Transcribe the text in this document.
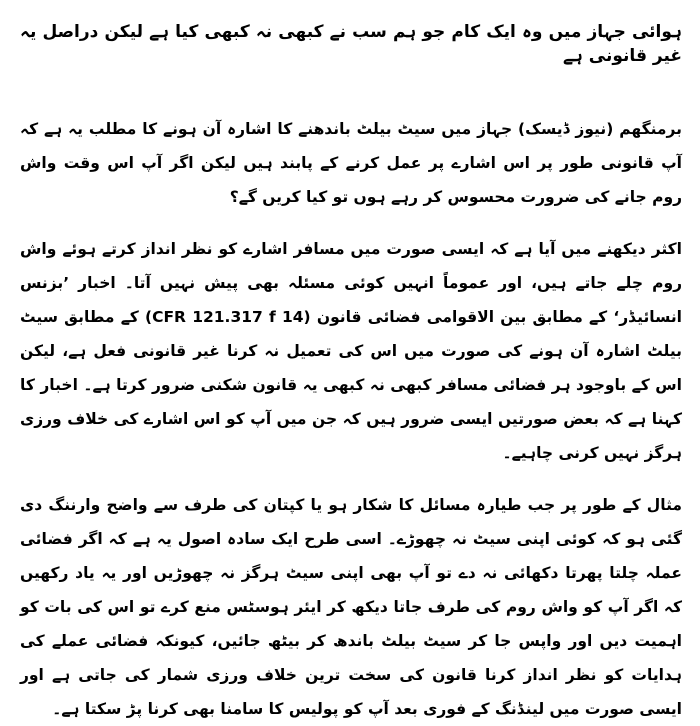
ہوائی جہاز میں وہ ایک کام جو ہم سب نے کبھی نہ کبھی کیا ہے لیکن دراصل یہ غیر قانونی ہے

برمنگھم (نیوز ڈیسک) جہاز میں سیٹ بیلٹ باندھنے کا اشارہ آن ہونے کا مطلب یہ ہے کہ آپ قانونی طور پر اس اشارے پر عمل کرنے کے پابند ہیں لیکن اگر آپ اس وقت واش روم جانے کی ضرورت محسوس کر رہے ہوں تو کیا کریں گے؟

اکثر دیکھنے میں آیا ہے کہ ایسی صورت میں مسافر اشارے کو نظر انداز کرتے ہوئے واش روم چلے جاتے ہیں، اور عموماً انہیں کوئی مسئلہ بھی پیش نہیں آتا۔ اخبار ’بزنس انسائیڈر‘ کے مطابق بین الاقوامی فضائی قانون (14 CFR 121.317 f) کے مطابق سیٹ بیلٹ اشارہ آن ہونے کی صورت میں اس کی تعمیل نہ کرنا غیر قانونی فعل ہے، لیکن اس کے باوجود ہر فضائی مسافر کبھی نہ کبھی یہ قانون شکنی ضرور کرتا ہے۔ اخبار کا کہنا ہے کہ بعض صورتیں ایسی ضرور ہیں کہ جن میں آپ کو اس اشارے کی خلاف ورزی ہرگز نہیں کرنی چاہیے۔

مثال کے طور پر جب طیارہ مسائل کا شکار ہو یا کپتان کی طرف سے واضح وارننگ دی گئی ہو کہ کوئی اپنی سیٹ نہ چھوڑے۔ اسی طرح ایک سادہ اصول یہ ہے کہ اگر فضائی عملہ چلتا پھرتا دکھائی نہ دے تو آپ بھی اپنی سیٹ ہرگز نہ چھوڑیں اور یہ یاد رکھیں کہ اگر آپ کو واش روم کی طرف جاتا دیکھ کر ایئر ہوسٹس منع کرے تو اس کی بات کو اہمیت دیں اور واپس جا کر سیٹ بیلٹ باندھ کر بیٹھ جائیں، کیونکہ فضائی عملے کی ہدایات کو نظر انداز کرنا قانون کی سخت ترین خلاف ورزی شمار کی جاتی ہے اور ایسی صورت میں لینڈنگ کے فوری بعد آپ کو پولیس کا سامنا بھی کرنا پڑ سکتا ہے۔
